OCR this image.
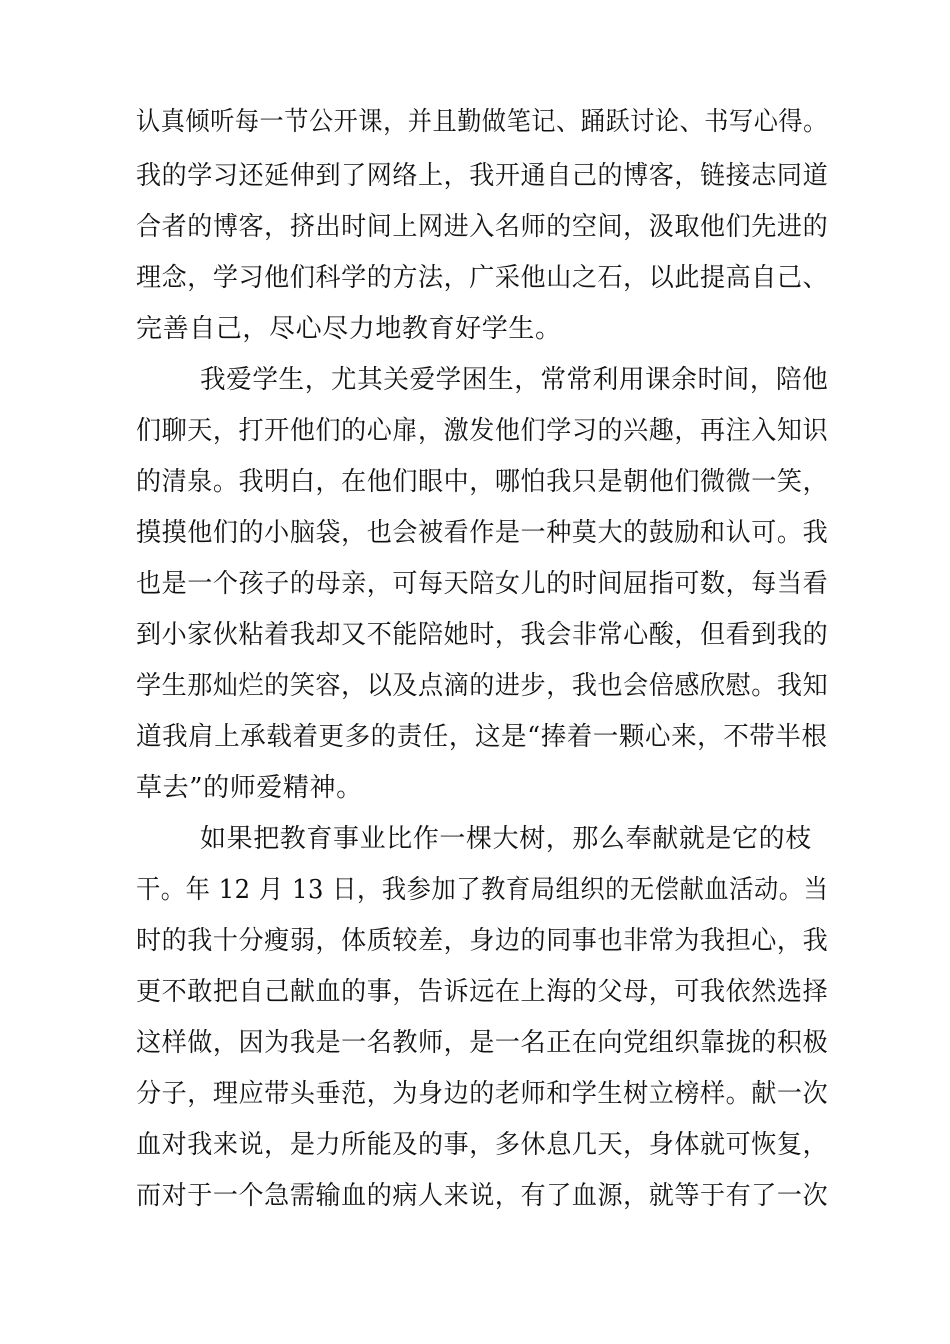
认真倾听每一节公开课，并且勤做笔记、踊跃讨论、书写心得。
我的学习还延伸到了网络上，我开通自己的博客，链接志同道
合者的博客，挤出时间上网进入名师的空间，汲取他们先进的
理念，学习他们科学的方法，广采他山之石，以此提高自己、
完善自己，尽心尽力地教育好学生。
我爱学生，尤其关爱学困生，常常利用课余时间，陪他
们聊天，打开他们的心扉，激发他们学习的兴趣，再注入知识
的清泉。我明白，在他们眼中，哪怕我只是朝他们微微一笑，
摸摸他们的小脑袋，也会被看作是一种莫大的鼓励和认可。我
也是一个孩子的母亲，可每天陪女儿的时间屈指可数，每当看
到小家伙粘着我却又不能陪她时，我会非常心酸，但看到我的
学生那灿烂的笑容，以及点滴的进步，我也会倍感欣慰。我知
道我肩上承载着更多的责任，这是“捧着一颗心来，不带半根
草去”的师爱精神。
如果把教育事业比作一棵大树，那么奉献就是它的枝
干。年 12 月 13 日，我参加了教育局组织的无偿献血活动。当
时的我十分瘦弱，体质较差，身边的同事也非常为我担心，我
更不敢把自己献血的事，告诉远在上海的父母，可我依然选择
这样做，因为我是一名教师，是一名正在向党组织靠拢的积极
分子，理应带头垂范，为身边的老师和学生树立榜样。献一次
血对我来说，是力所能及的事，多休息几天，身体就可恢复，
而对于一个急需输血的病人来说，有了血源，就等于有了一次
